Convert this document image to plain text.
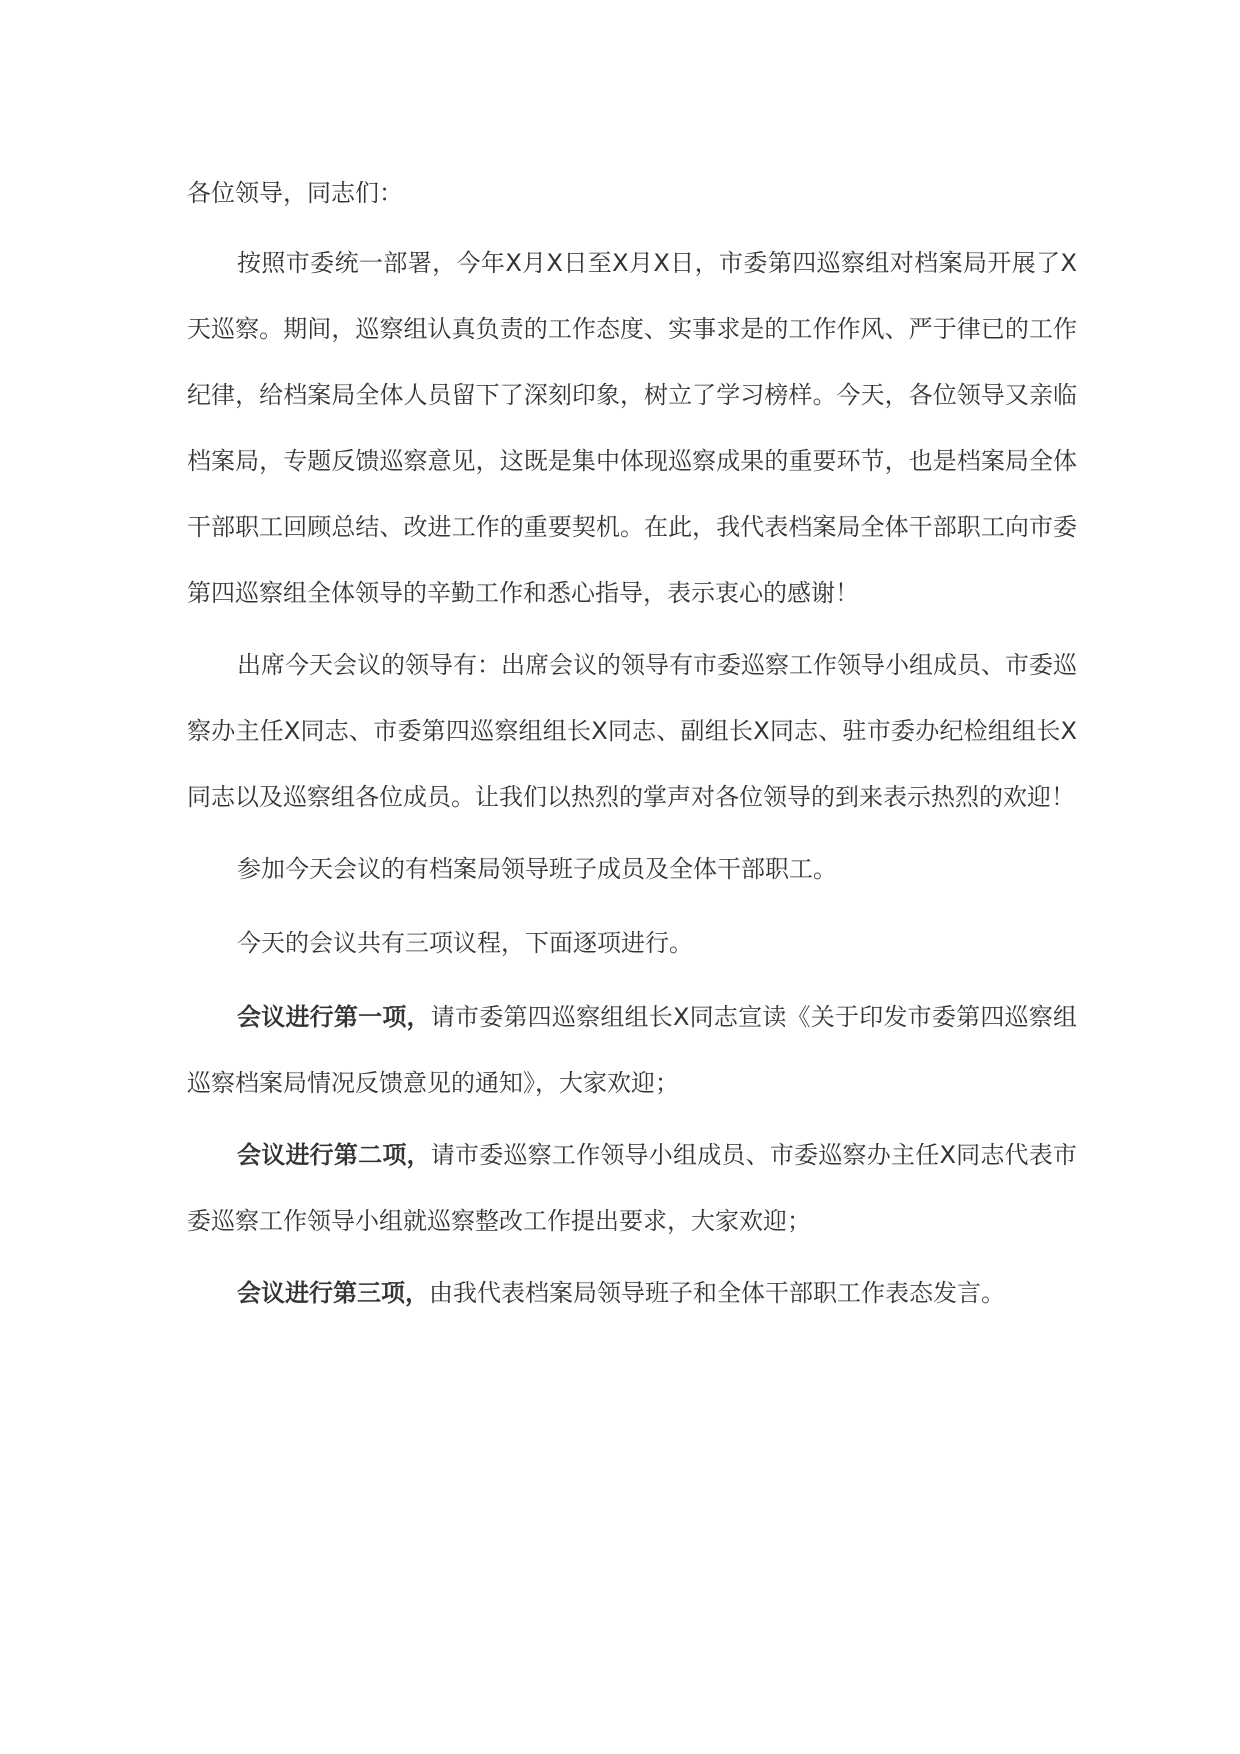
各位领导，同志们：

按照市委统一部署，今年X月X日至X月X日，市委第四巡察组对档案局开展了X天巡察。期间，巡察组认真负责的工作态度、实事求是的工作作风、严于律已的工作纪律，给档案局全体人员留下了深刻印象，树立了学习榜样。今天，各位领导又亲临档案局，专题反馈巡察意见，这既是集中体现巡察成果的重要环节，也是档案局全体干部职工回顾总结、改进工作的重要契机。在此，我代表档案局全体干部职工向市委第四巡察组全体领导的辛勤工作和悉心指导，表示衷心的感谢！

出席今天会议的领导有：出席会议的领导有市委巡察工作领导小组成员、市委巡察办主任X同志、市委第四巡察组组长X同志、副组长X同志、驻市委办纪检组组长X同志以及巡察组各位成员。让我们以热烈的掌声对各位领导的到来表示热烈的欢迎！

参加今天会议的有档案局领导班子成员及全体干部职工。

今天的会议共有三项议程，下面逐项进行。

会议进行第一项，请市委第四巡察组组长X同志宣读《关于印发市委第四巡察组巡察档案局情况反馈意见的通知》，大家欢迎；

会议进行第二项，请市委巡察工作领导小组成员、市委巡察办主任X同志代表市委巡察工作领导小组就巡察整改工作提出要求，大家欢迎；

会议进行第三项，由我代表档案局领导班子和全体干部职工作表态发言。
